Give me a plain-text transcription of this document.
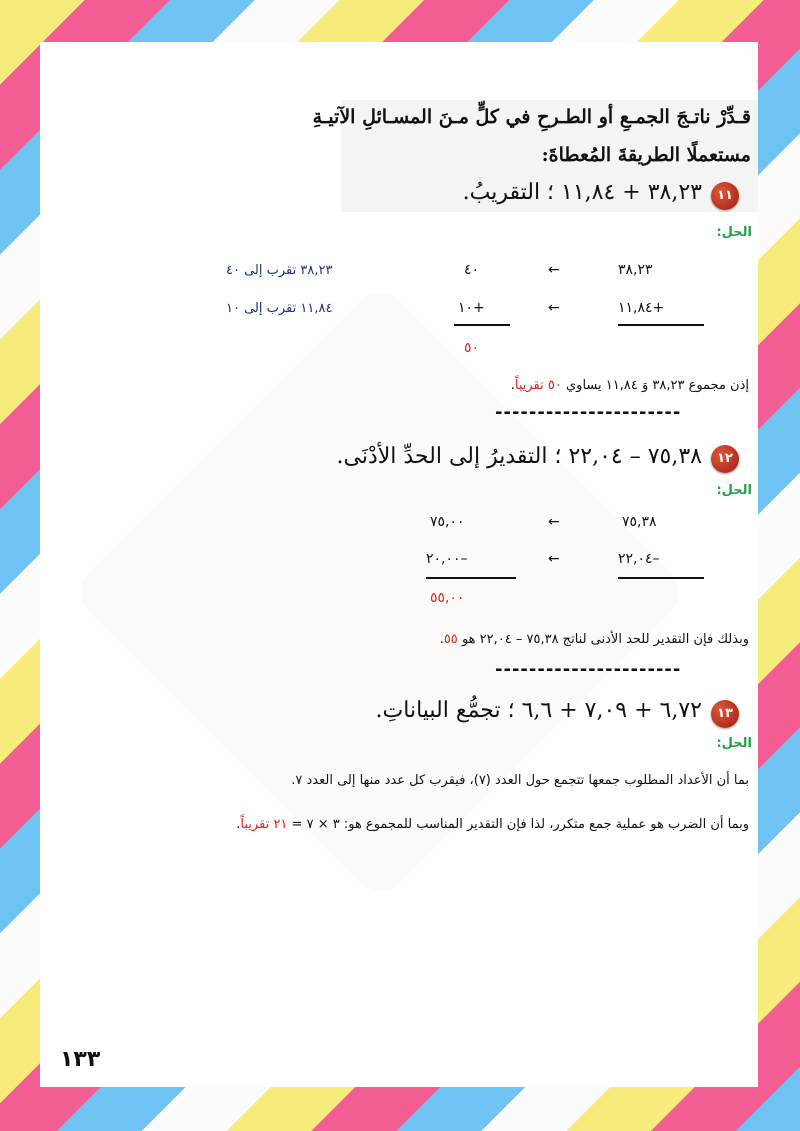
قـدِّرْ ناتـجَ الجمـعِ أو الطـرحِ في كلٍّ مـنَ المسـائلِ الآتيـةِ
مستعملًا الطريقةَ المُعطاةَ:
١١
٣٨,٢٣ + ١١,٨٤ ؛ التقريبُ.
الحل:
٣٨,٢٣
←
٤٠
٣٨,٢٣ تقرب إلى ٤٠
+١١,٨٤
←
+١٠
١١,٨٤ تقرب إلى ١٠
٥٠
إذن مجموع ٣٨,٢٣ وَ ١١,٨٤ يساوي ٥٠ تقريباً.
----------------------
١٢
٧٥,٣٨ – ٢٢,٠٤ ؛ التقديرُ إلى الحدِّ الأدْنَى.
الحل:
٧٥,٣٨
←
٧٥,٠٠
–٢٢,٠٤
←
–٢٠,٠٠
٥٥,٠٠
وبذلك فإن التقدير للحد الأدنى لناتج ٧٥,٣٨ – ٢٢,٠٤ هو ٥٥.
----------------------
١٣
٦,٧٢ + ٧,٠٩ + ٦,٦ ؛ تجمُّع البياناتِ.
الحل:
بما أن الأعداد المطلوب جمعها تتجمع حول العدد (٧)، فيقرب كل عدد منها إلى العدد ٧.
وبما أن الضرب هو عملية جمع متكرر، لذا فإن التقدير المناسب للمجموع هو: ٣ × ٧ = ٢١ تقريباً.
١٣٣
